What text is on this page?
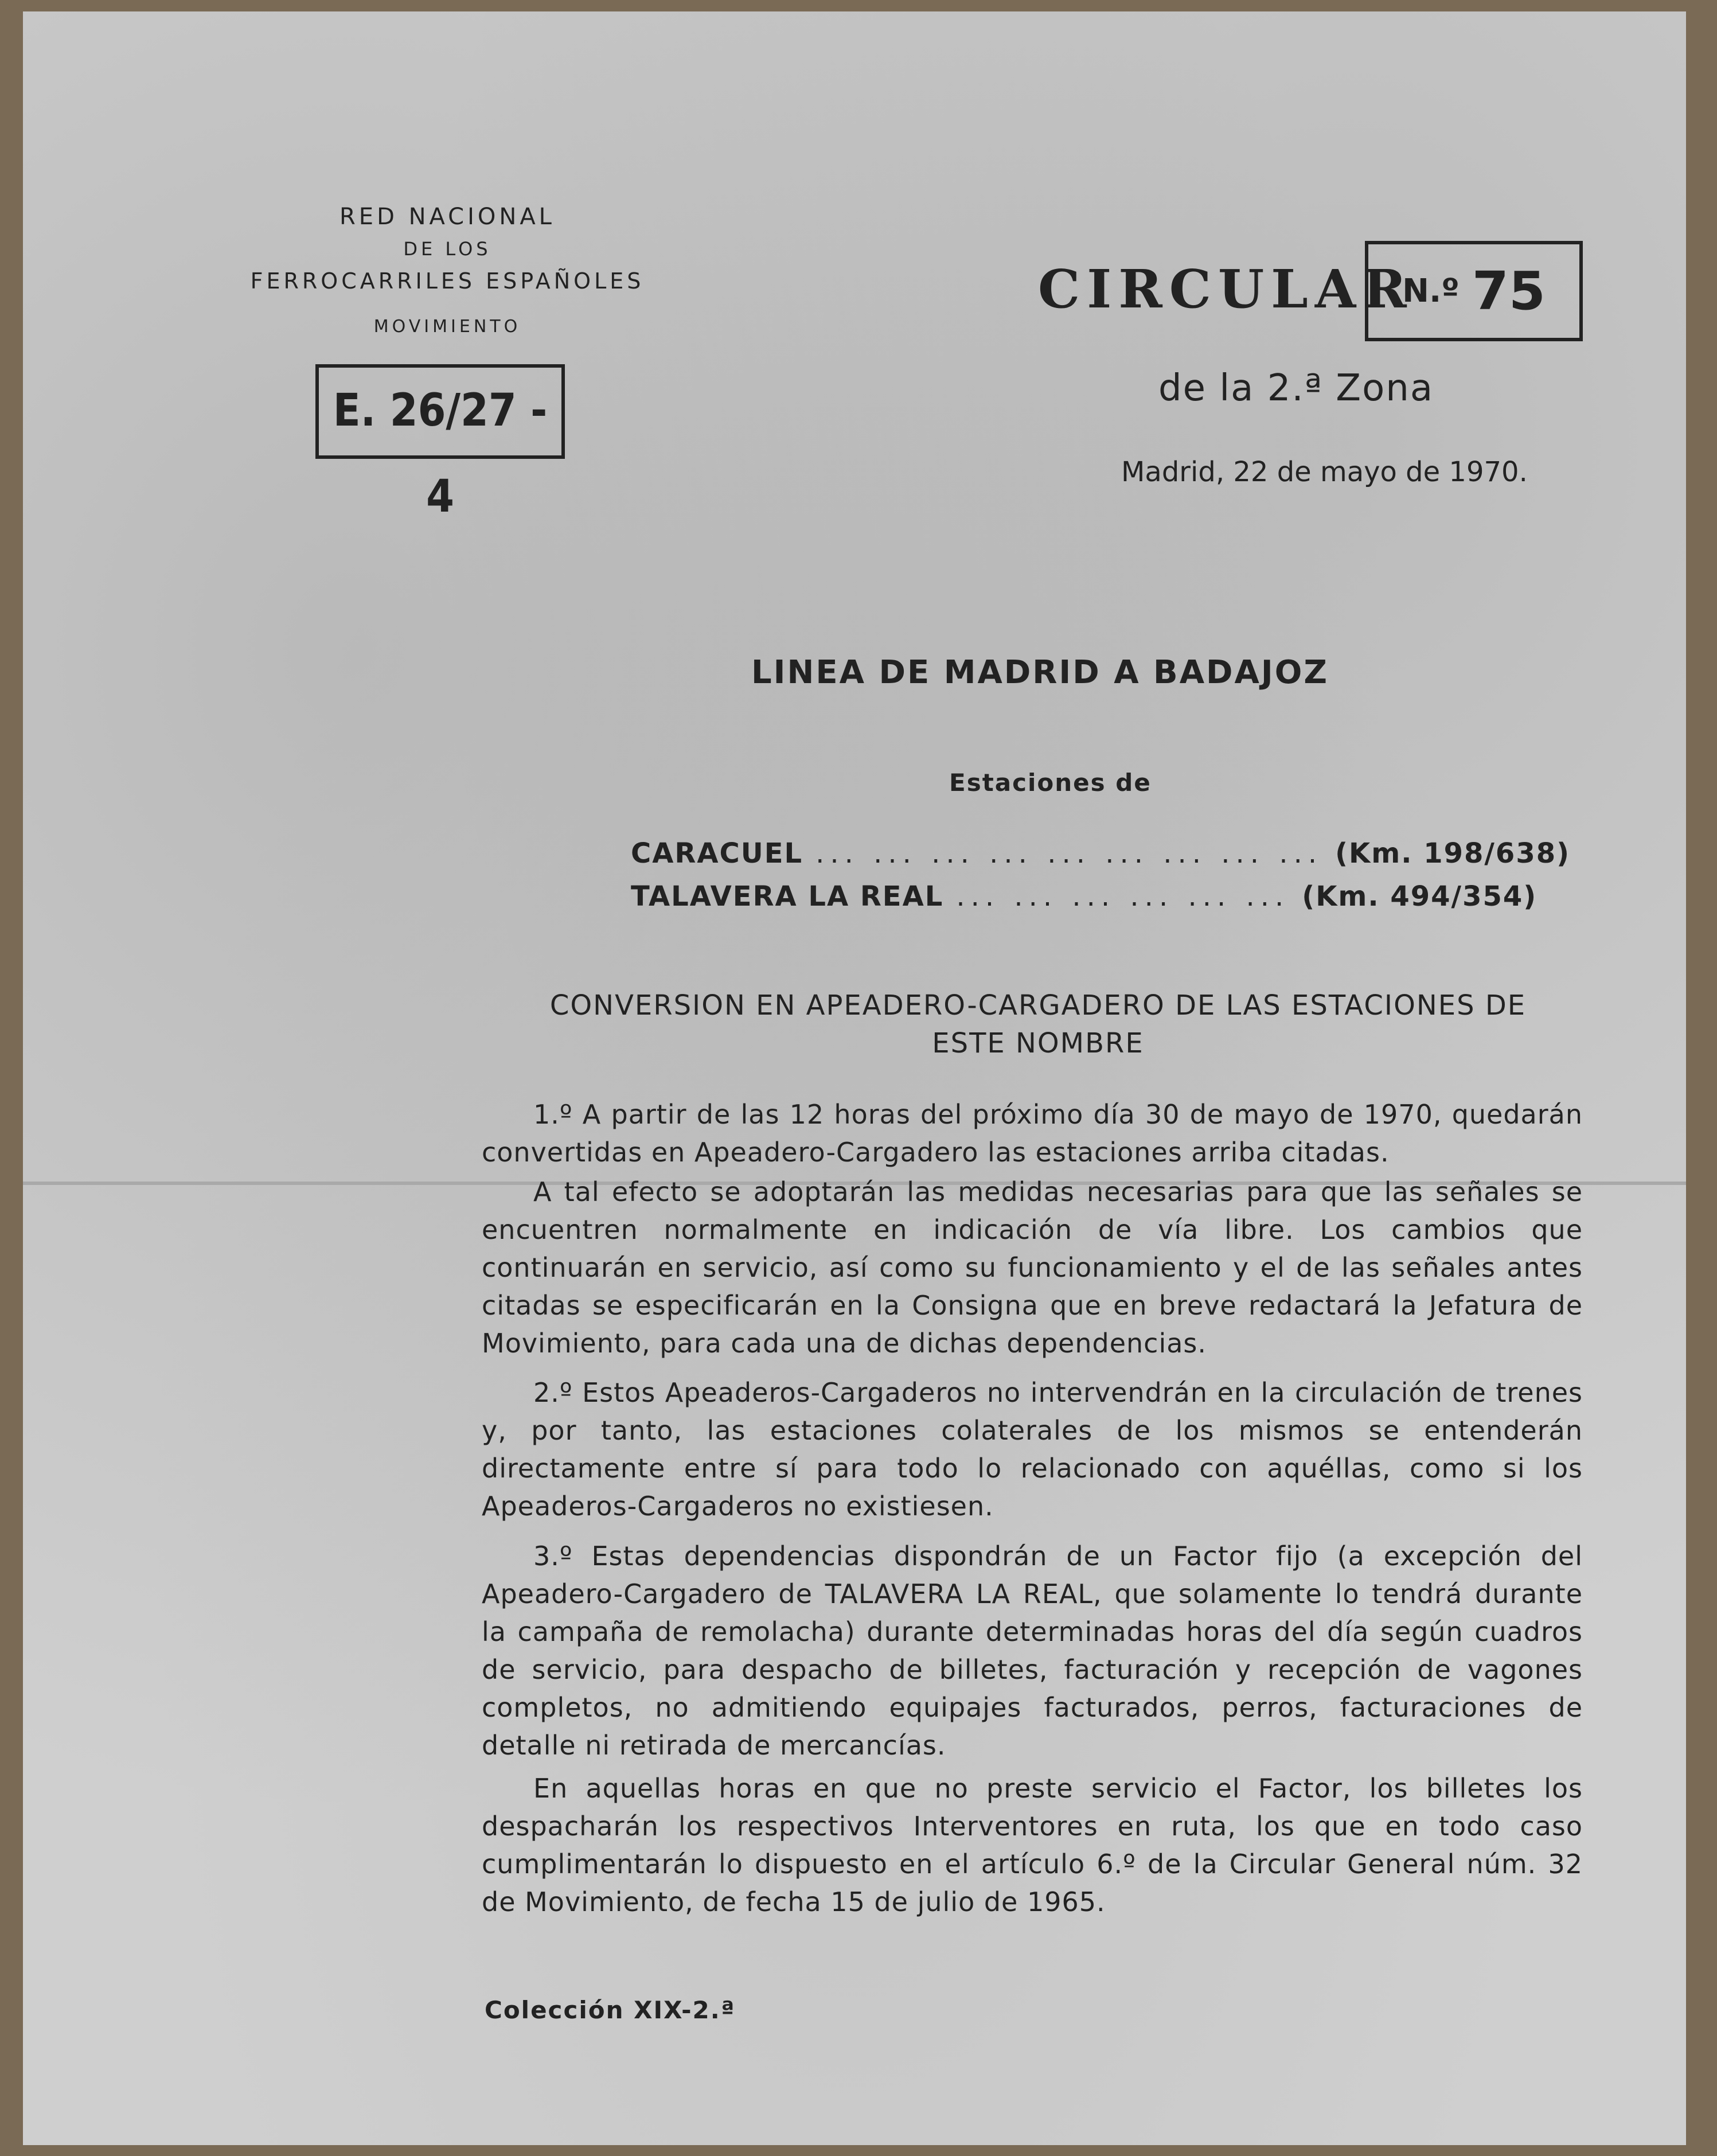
RED NACIONAL
DE LOS
FERROCARRILES ESPAÑOLES
MOVIMIENTO
E. 26/27 - 4
CIRCULAR
N.º 75
de la 2.ª Zona
Madrid, 22 de mayo de 1970.
LINEA DE MADRID A BADAJOZ
Estaciones de
CARACUEL ... ... ... ... ... ... ... ... ... (Km. 198/638)
TALAVERA LA REAL ... ... ... ... ... ... (Km. 494/354)
CONVERSION EN APEADERO-CARGADERO DE LAS ESTACIONES DE
ESTE NOMBRE

1.º A partir de las 12 horas del próximo día 30 de mayo de 1970, quedarán convertidas en Apeadero-Cargadero las estaciones arriba citadas.

A tal efecto se adoptarán las medidas necesarias para que las señales se encuentren normalmente en indicación de vía libre. Los cambios que continuarán en servicio, así como su funcionamiento y el de las señales antes citadas se especificarán en la Consigna que en breve redactará la Jefatura de Movimiento, para cada una de dichas dependencias.

2.º Estos Apeaderos-Cargaderos no intervendrán en la circulación de trenes y, por tanto, las estaciones colaterales de los mismos se entenderán directamente entre sí para todo lo relacionado con aquéllas, como si los Apeaderos-Cargaderos no existiesen.

3.º Estas dependencias dispondrán de un Factor fijo (a excepción del Apeadero-Cargadero de TALAVERA LA REAL, que solamente lo tendrá durante la campaña de remolacha) durante determinadas horas del día según cuadros de servicio, para despacho de billetes, facturación y recepción de vagones completos, no admitiendo equipajes facturados, perros, facturaciones de detalle ni retirada de mercancías.

En aquellas horas en que no preste servicio el Factor, los billetes los despacharán los respectivos Interventores en ruta, los que en todo caso cumplimentarán lo dispuesto en el artículo 6.º de la Circular General núm. 32 de Movimiento, de fecha 15 de julio de 1965.

Colección XIX-2.ª
